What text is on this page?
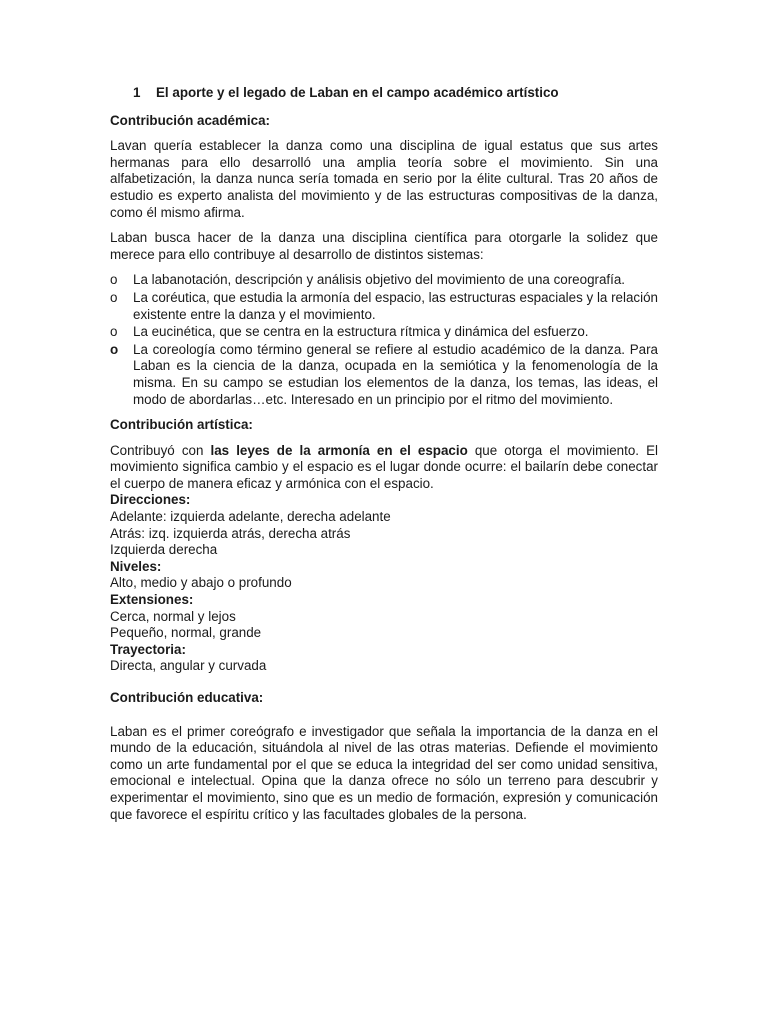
1 El aporte y el legado de Laban en el campo académico artístico
Contribución académica:

Lavan quería establecer la danza como una disciplina de igual estatus que sus artes hermanas para ello desarrolló una amplia teoría sobre el movimiento. Sin una alfabetización, la danza nunca sería tomada en serio por la élite cultural. Tras 20 años de estudio es experto analista del movimiento y de las estructuras compositivas de la danza, como él mismo afirma.

Laban busca hacer de la danza una disciplina científica para otorgarle la solidez que merece para ello contribuye al desarrollo de distintos sistemas:

o La labanotación, descripción y análisis objetivo del movimiento de una coreografía.
o La coréutica, que estudia la armonía del espacio, las estructuras espaciales y la relación existente entre la danza y el movimiento.
o La eucinética, que se centra en la estructura rítmica y dinámica del esfuerzo.
o La coreología como término general se refiere al estudio académico de la danza. Para Laban es la ciencia de la danza, ocupada en la semiótica y la fenomenología de la misma. En su campo se estudian los elementos de la danza, los temas, las ideas, el modo de abordarlas…etc. Interesado en un principio por el ritmo del movimiento.
Contribución artística:

Contribuyó con las leyes de la armonía en el espacio que otorga el movimiento. El movimiento significa cambio y el espacio es el lugar donde ocurre: el bailarín debe conectar el cuerpo de manera eficaz y armónica con el espacio.

Direcciones:
Adelante: izquierda adelante, derecha adelante
Atrás: izq. izquierda atrás, derecha atrás
Izquierda derecha
Niveles:
Alto, medio y abajo o profundo
Extensiones:
Cerca, normal y lejos
Pequeño, normal, grande
Trayectoria:
Directa, angular y curvada
Contribución educativa:

Laban es el primer coreógrafo e investigador que señala la importancia de la danza en el mundo de la educación, situándola al nivel de las otras materias. Defiende el movimiento como un arte fundamental por el que se educa la integridad del ser como unidad sensitiva, emocional e intelectual. Opina que la danza ofrece no sólo un terreno para descubrir y experimentar el movimiento, sino que es un medio de formación, expresión y comunicación que favorece el espíritu crítico y las facultades globales de la persona.
